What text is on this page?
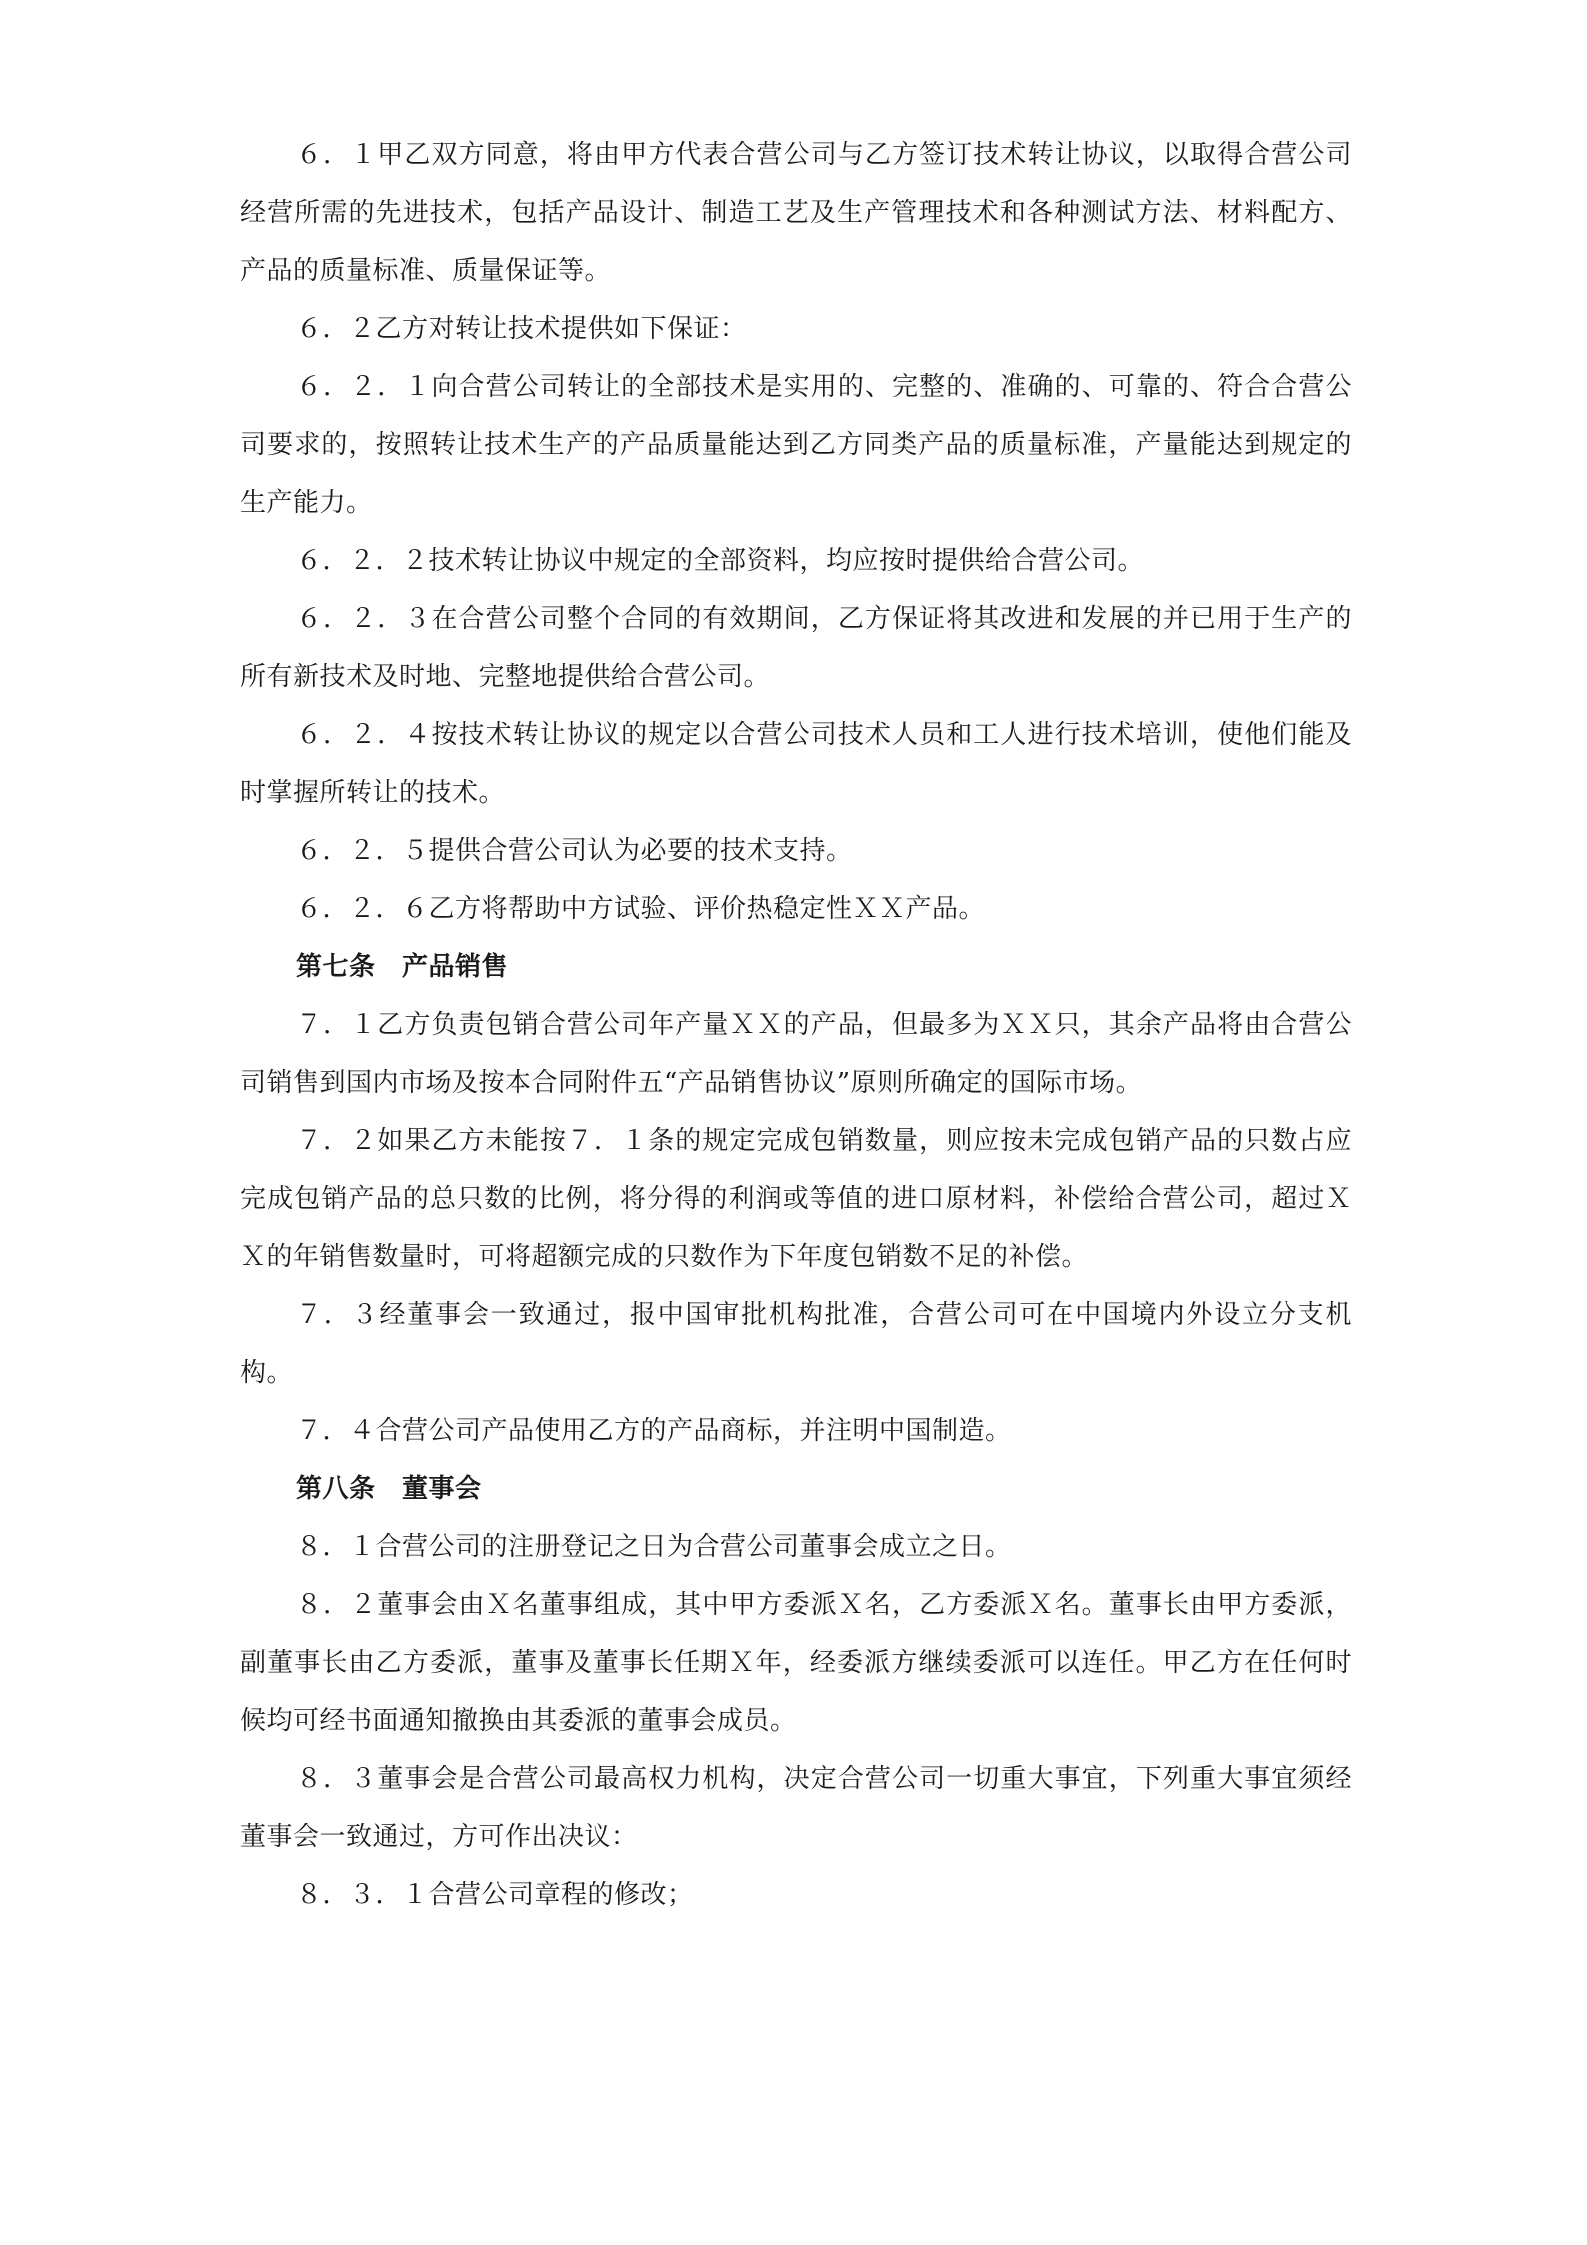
６．１甲乙双方同意，将由甲方代表合营公司与乙方签订技术转让协议，以取得合营公司经营所需的先进技术，包括产品设计、制造工艺及生产管理技术和各种测试方法、材料配方、产品的质量标准、质量保证等。

６．２乙方对转让技术提供如下保证：

６．２．１向合营公司转让的全部技术是实用的、完整的、准确的、可靠的、符合合营公司要求的，按照转让技术生产的产品质量能达到乙方同类产品的质量标准，产量能达到规定的生产能力。

６．２．２技术转让协议中规定的全部资料，均应按时提供给合营公司。

６．２．３在合营公司整个合同的有效期间，乙方保证将其改进和发展的并已用于生产的所有新技术及时地、完整地提供给合营公司。

６．２．４按技术转让协议的规定以合营公司技术人员和工人进行技术培训，使他们能及时掌握所转让的技术。

６．２．５提供合营公司认为必要的技术支持。

６．２．６乙方将帮助中方试验、评价热稳定性ＸＸ产品。

第七条　产品销售

７．１乙方负责包销合营公司年产量ＸＸ的产品，但最多为ＸＸ只，其余产品将由合营公司销售到国内市场及按本合同附件五“产品销售协议”原则所确定的国际市场。

７．２如果乙方未能按７．１条的规定完成包销数量，则应按未完成包销产品的只数占应完成包销产品的总只数的比例，将分得的利润或等值的进口原材料，补偿给合营公司，超过ＸＸ的年销售数量时，可将超额完成的只数作为下年度包销数不足的补偿。

７．３经董事会一致通过，报中国审批机构批准，合营公司可在中国境内外设立分支机构。

７．４合营公司产品使用乙方的产品商标，并注明中国制造。

第八条　董事会

８．１合营公司的注册登记之日为合营公司董事会成立之日。

８．２董事会由Ｘ名董事组成，其中甲方委派Ｘ名，乙方委派Ｘ名。董事长由甲方委派，副董事长由乙方委派，董事及董事长任期Ｘ年，经委派方继续委派可以连任。甲乙方在任何时候均可经书面通知撤换由其委派的董事会成员。

８．３董事会是合营公司最高权力机构，决定合营公司一切重大事宜，下列重大事宜须经董事会一致通过，方可作出决议：

８．３．１合营公司章程的修改；
